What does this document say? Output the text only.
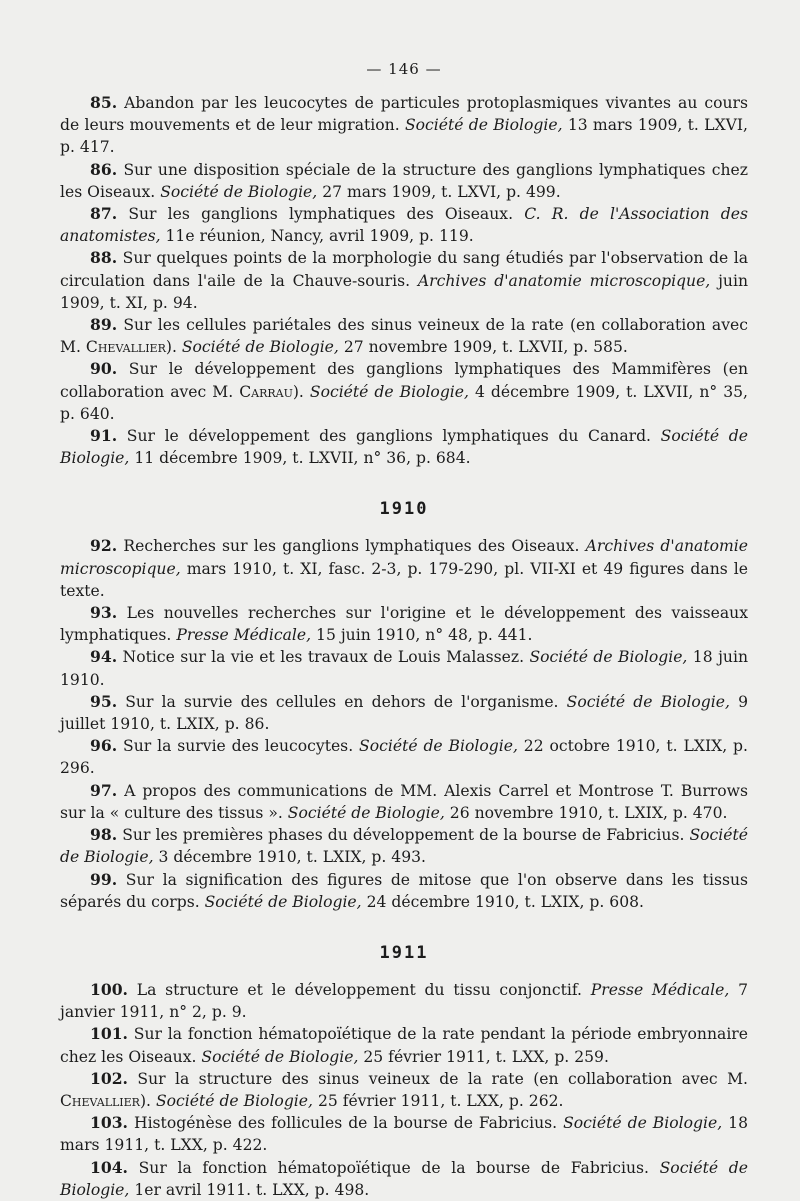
— 146 —

85. Abandon par les leucocytes de particules protoplasmiques vivantes au cours de leurs mouvements et de leur migration. Société de Biologie, 13 mars 1909, t. LXVI, p. 417.

86. Sur une disposition spéciale de la structure des ganglions lymphatiques chez les Oiseaux. Société de Biologie, 27 mars 1909, t. LXVI, p. 499.

87. Sur les ganglions lymphatiques des Oiseaux. C. R. de l'Association des anatomistes, 11e réunion, Nancy, avril 1909, p. 119.

88. Sur quelques points de la morphologie du sang étudiés par l'observation de la circulation dans l'aile de la Chauve-souris. Archives d'anatomie microscopique, juin 1909, t. XI, p. 94.

89. Sur les cellules pariétales des sinus veineux de la rate (en collaboration avec M. Chevallier). Société de Biologie, 27 novembre 1909, t. LXVII, p. 585.

90. Sur le développement des ganglions lymphatiques des Mammifères (en collaboration avec M. Carrau). Société de Biologie, 4 décembre 1909, t. LXVII, n° 35, p. 640.

91. Sur le développement des ganglions lymphatiques du Canard. Société de Biologie, 11 décembre 1909, t. LXVII, n° 36, p. 684.

1910

92. Recherches sur les ganglions lymphatiques des Oiseaux. Archives d'anatomie microscopique, mars 1910, t. XI, fasc. 2-3, p. 179-290, pl. VII-XI et 49 figures dans le texte.

93. Les nouvelles recherches sur l'origine et le développement des vaisseaux lymphatiques. Presse Médicale, 15 juin 1910, n° 48, p. 441.

94. Notice sur la vie et les travaux de Louis Malassez. Société de Biologie, 18 juin 1910.

95. Sur la survie des cellules en dehors de l'organisme. Société de Biologie, 9 juillet 1910, t. LXIX, p. 86.

96. Sur la survie des leucocytes. Société de Biologie, 22 octobre 1910, t. LXIX, p. 296.

97. A propos des communications de MM. Alexis Carrel et Montrose T. Burrows sur la « culture des tissus ». Société de Biologie, 26 novembre 1910, t. LXIX, p. 470.

98. Sur les premières phases du développement de la bourse de Fabricius. Société de Biologie, 3 décembre 1910, t. LXIX, p. 493.

99. Sur la signification des figures de mitose que l'on observe dans les tissus séparés du corps. Société de Biologie, 24 décembre 1910, t. LXIX, p. 608.

1911

100. La structure et le développement du tissu conjonctif. Presse Médicale, 7 janvier 1911, n° 2, p. 9.

101. Sur la fonction hématopoïétique de la rate pendant la période embryonnaire chez les Oiseaux. Société de Biologie, 25 février 1911, t. LXX, p. 259.

102. Sur la structure des sinus veineux de la rate (en collaboration avec M. Chevallier). Société de Biologie, 25 février 1911, t. LXX, p. 262.

103. Histogénèse des follicules de la bourse de Fabricius. Société de Biologie, 18 mars 1911, t. LXX, p. 422.

104. Sur la fonction hématopoïétique de la bourse de Fabricius. Société de Biologie, 1er avril 1911. t. LXX, p. 498.
